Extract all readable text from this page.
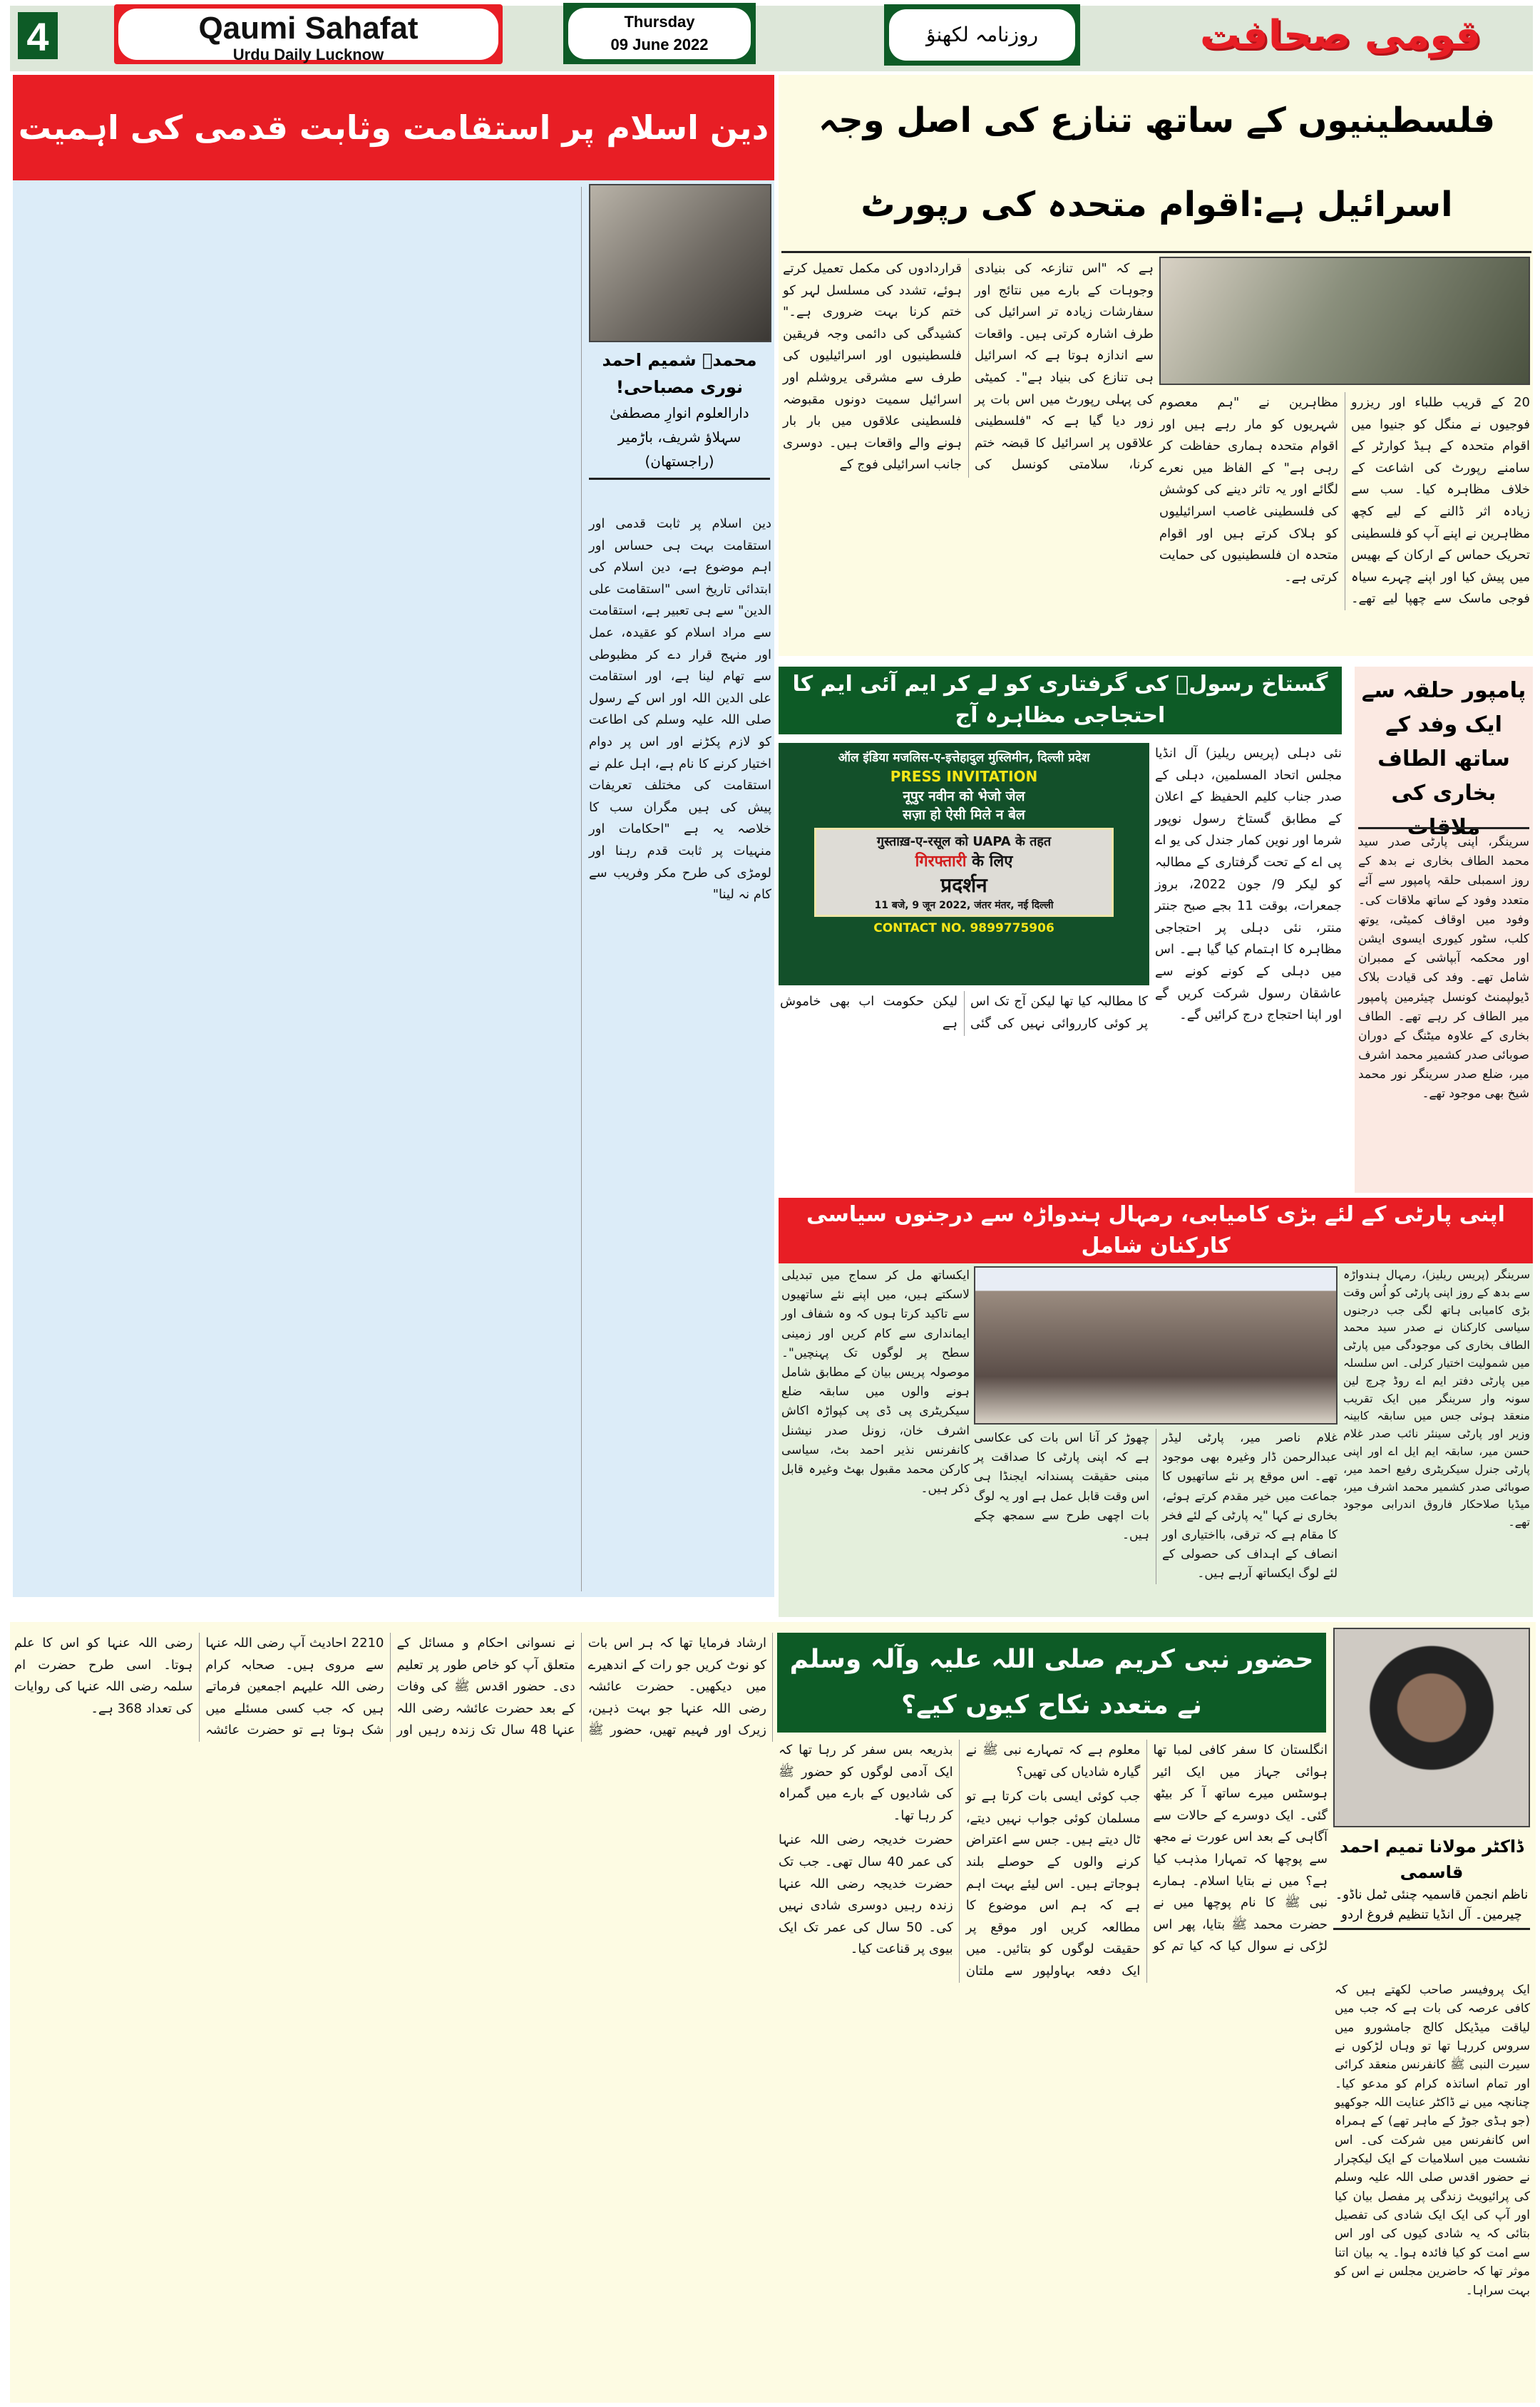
4	Qaumi Sahafat
Urdu Daily Lucknow
Thursday
09 June 2022	روزنامہ لکھنؤ	قومی صحافت
دین اسلام پر استقامت وثابت قدمی کی اہمیت
محمدؐ شمیم احمد نوری مصباحی!
دارالعلوم انوارِ مصطفیٰ
سہلاؤ شریف، باڑمیر (راجستھان)

دین اسلام پر ثابت قدمی اور استقامت بہت ہی حساس اور اہم موضوع ہے، دین اسلام کی ابتدائی تاریخ اسی "استقامت علی الدین" سے ہی تعبیر ہے، استقامت سے مراد اسلام کو عقیدہ، عمل اور منہج قرار دے کر مظبوطی سے تھام لینا ہے، اور استقامت علی الدین اللہ اور اس کے رسول صلی اللہ علیہ وسلم کی اطاعت کو لازم پکڑنے اور اس پر دوام اختیار کرنے کا نام ہے، اہل علم نے استقامت کی مختلف تعریفات پیش کی ہیں مگران سب کا خلاصہ یہ ہے "احکامات اور منہیات پر ثابت قدم رہنا اور لومڑی کی طرح مکر وفریب سے کام نہ لینا"

فلسطینیوں کے ساتھ تنازع کی اصل وجہ
اسرائیل ہے:اقوام متحدہ کی رپورٹ

ہے کہ "اس تنازعہ کی بنیادی وجوہات کے بارے میں نتائج اور سفارشات زیادہ تر اسرائیل کی طرف اشارہ کرتی ہیں۔ واقعات سے اندازہ ہوتا ہے کہ اسرائیل ہی تنازع کی بنیاد ہے"۔ کمیٹی کی پہلی رپورٹ میں اس بات پر زور دیا گیا ہے کہ "فلسطینی علاقوں پر اسرائیل کا قبضہ ختم کرنا، سلامتی کونسل کی قراردادوں کی مکمل تعمیل کرتے ہوئے، تشدد کی مسلسل لہر کو ختم کرنا بہت ضروری ہے۔" کشیدگی کی دائمی وجہ فریقین فلسطینیوں اور اسرائیلیوں کی طرف سے مشرقی یروشلم اور اسرائیل سمیت دونوں مقبوضہ فلسطینی علاقوں میں بار بار ہونے والے واقعات ہیں۔ دوسری جانب اسرائیلی فوج کے

20 کے قریب طلباء اور ریزرو فوجیوں نے منگل کو جنیوا میں اقوام متحدہ کے ہیڈ کوارٹر کے سامنے رپورٹ کی اشاعت کے خلاف مظاہرہ کیا۔ سب سے زیادہ اثر ڈالنے کے لیے کچھ مظاہرین نے اپنے آپ کو فلسطینی تحریک حماس کے ارکان کے بھیس میں پیش کیا اور اپنے چہرے سیاہ فوجی ماسک سے چھپا لیے تھے۔ مظاہرین نے "ہم معصوم شہریوں کو مار رہے ہیں اور اقوام متحدہ ہماری حفاظت کر رہی ہے" کے الفاظ میں نعرے لگائے اور یہ تاثر دینے کی کوشش کی فلسطینی غاصب اسرائیلیوں کو ہلاک کرتے ہیں اور اقوام متحدہ ان فلسطینیوں کی حمایت کرتی ہے۔

گستاخ رسولؐ کی گرفتاری کو لے کر ایم آئی ایم کا احتجاجی مظاہرہ آج
ऑल इंडिया मजलिस-ए-इत्तेहादुल मुस्लिमीन, दिल्ली प्रदेश
PRESS INVITATION
नूपुर नवीन को भेजो जेल
सज़ा हो ऐसी मिले न बेल
गुस्ताख़-ए-रसूल को UAPA के तहत
गिरफ्तारी के लिए
प्रदर्शन
11 बजे, 9 जून 2022, जंतर मंतर, नई दिल्ली
CONTACT NO. 9899775906

نئی دہلی (پریس ریلیز) آل انڈیا مجلس اتحاد المسلمین، دہلی کے صدر جناب کلیم الحفیظ کے اعلان کے مطابق گستاخ رسول نوپور شرما اور نوین کمار جندل کی یو اے پی اے کے تحت گرفتاری کے مطالبہ کو لیکر 9/ جون 2022، بروز جمعرات، بوقت 11 بجے صبح جنتر منتر، نئی دہلی پر احتجاجی مظاہرہ کا اہتمام کیا گیا ہے۔ اس میں دہلی کے کونے کونے سے عاشقان رسول شرکت کریں گے اور اپنا احتجاج درج کرائیں گے۔

کا مطالبہ کیا تھا لیکن آج تک اس پر کوئی کارروائی نہیں کی گئی لیکن حکومت اب بھی خاموش ہے

پامپور حلقہ سے ایک وفد کے ساتھ الطاف بخاری کی ملاقات

سرینگر، اپنی پارٹی صدر سید محمد الطاف بخاری نے بدھ کے روز اسمبلی حلقہ پامپور سے آئے متعدد وفود کے ساتھ ملاقات کی۔ وفود میں اوقاف کمیٹی، یوتھ کلب، سٹور کیوری ایسوی ایشن اور محکمہ آبپاشی کے ممبران شامل تھے۔ وفد کی قیادت بلاک ڈیولپمنٹ کونسل چیئرمین پامپور میر الطاف کر رہے تھے۔ الطاف بخاری کے علاوہ میٹنگ کے دوران صوبائی صدر کشمیر محمد اشرف میر، ضلع صدر سرینگر نور محمد شیخ بھی موجود تھے۔

اپنی پارٹی کے لئے بڑی کامیابی، رمہال ہندواڑہ سے درجنوں سیاسی کارکنان شامل

سرینگر (پریس ریلیز)، رمہال ہندواڑہ سے بدھ کے روز اپنی پارٹی کو اُس وقت بڑی کامیابی ہاتھ لگی جب درجنوں سیاسی کارکنان نے صدر سید محمد الطاف بخاری کی موجودگی میں پارٹی میں شمولیت اختیار کرلی۔ اس سلسلہ میں پارٹی دفتر ایم اے روڈ چرچ لین سونہ وار سرینگر میں ایک تقریب منعقد ہوئی جس میں سابقہ کابینہ وزیر اور پارٹی سینئر نائب صدر غلام حسن میر، سابقہ ایم ایل اے اور اپنی پارٹی جنرل سیکریٹری رفیع احمد میر، صوبائی صدر کشمیر محمد اشرف میر، میڈیا صلاحکار فاروق اندرابی موجود تھے۔

غلام ناصر میر، پارٹی لیڈر عبدالرحمن ڈار وغیرہ بھی موجود تھے۔ اس موقع پر نئے ساتھیوں کا جماعت میں خیر مقدم کرتے ہوئے، بخاری نے کہا "یہ پارٹی کے لئے فخر کا مقام ہے کہ ترقی، بااختیاری اور انصاف کے اہداف کی حصولی کے لئے لوگ ایکساتھ آرہے ہیں۔

چھوڑ کر آنا اس بات کی عکاسی ہے کہ اپنی پارٹی کا صداقت پر مبنی حقیقت پسندانہ ایجنڈا ہی اس وقت قابل عمل ہے اور یہ لوگ بات اچھی طرح سے سمجھ چکے ہیں۔

ایکساتھ مل کر سماج میں تبدیلی لاسکتے ہیں، میں اپنے نئے ساتھیوں سے تاکید کرتا ہوں کہ وہ شفاف اور ایمانداری سے کام کریں اور زمینی سطح پر لوگوں تک پہنچیں"۔ موصولہ پریس بیان کے مطابق شامل ہونے والوں میں سابقہ ضلع سیکریٹری پی ڈی پی کپواڑہ اکاش اشرف خان، زونل صدر نیشنل کانفرنس نذیر احمد بٹ، سیاسی کارکن محمد مقبول بھٹ وغیرہ قابل ذکر ہیں۔

حضور نبی کریم صلی اللہ علیہ وآلہ وسلم نے متعدد نکاح کیوں کیے؟
ڈاکٹر مولانا تمیم احمد قاسمی
ناظم انجمن قاسمیہ چنئی ٹمل ناڈو۔
چیرمین۔ آل انڈیا تنظیم فروغ اردو

ایک پروفیسر صاحب لکھتے ہیں کہ کافی عرصہ کی بات ہے کہ جب میں لیاقت میڈیکل کالج جامشورو میں سروس کررہا تھا تو وہاں لڑکوں نے سیرت النبی ﷺ کانفرنس منعقد کرائی اور تمام اساتذہ کرام کو مدعو کیا۔ چنانچہ میں نے ڈاکٹر عنایت اللہ جوکھیو (جو ہڈی جوڑ کے ماہر تھے) کے ہمراہ اس کانفرنس میں شرکت کی۔ اس نشست میں اسلامیات کے ایک لیکچرار نے حضور اقدس صلی اللہ علیہ وسلم کی پرائیویٹ زندگی پر مفصل بیان کیا اور آپ کی ایک ایک شادی کی تفصیل بتائی کہ یہ شادی کیوں کی اور اس سے امت کو کیا فائدہ ہوا۔ یہ بیان اتنا موثر تھا کہ حاضرین مجلس نے اس کو بہت سراہا۔

انگلستان کا سفر کافی لمبا تھا ہوائی جہاز میں ایک ائیر ہوسٹس میرے ساتھ آ کر بیٹھ گئی۔ ایک دوسرے کے حالات سے آگاہی کے بعد اس عورت نے مجھ سے پوچھا کہ تمہارا مذہب کیا ہے؟ میں نے بتایا اسلام۔ ہمارے نبی ﷺ کا نام پوچھا میں نے حضرت محمد ﷺ بتایا، پھر اس لڑکی نے سوال کیا کہ کیا تم کو معلوم ہے کہ تمہارے نبی ﷺ نے گیارہ شادیاں کی تھیں؟

جب کوئی ایسی بات کرتا ہے تو مسلمان کوئی جواب نہیں دیتے، ٹال دیتے ہیں۔ جس سے اعتراض کرنے والوں کے حوصلے بلند ہوجاتے ہیں۔ اس لیئے بہت اہم ہے کہ ہم اس موضوع کا مطالعہ کریں اور موقع پر حقیقت لوگوں کو بتائیں۔ میں ایک دفعہ بہاولپور سے ملتان بذریعہ بس سفر کر رہا تھا کہ ایک آدمی لوگوں کو حضور ﷺ کی شادیوں کے بارے میں گمراہ کر رہا تھا۔

حضرت خدیجہ رضی اللہ عنہا کی عمر 40 سال تھی۔ جب تک حضرت خدیجہ رضی اللہ عنہا زندہ رہیں دوسری شادی نہیں کی۔ 50 سال کی عمر تک ایک بیوی پر قناعت کیا۔

ارشاد فرمایا تھا کہ ہر اس بات کو نوٹ کریں جو رات کے اندھیرے میں دیکھیں۔ حضرت عائشہ رضی اللہ عنہا جو بہت ذہین، زیرک اور فہیم تھیں، حضور ﷺ نے نسوانی احکام و مسائل کے متعلق آپ کو خاص طور پر تعلیم دی۔ حضور اقدس ﷺ کی وفات کے بعد حضرت عائشہ رضی اللہ عنہا 48 سال تک زندہ رہیں اور 2210 احادیث آپ رضی اللہ عنہا سے مروی ہیں۔ صحابہ کرام رضی اللہ علیہم اجمعین فرماتے ہیں کہ جب کسی مسئلے میں شک ہوتا ہے تو حضرت عائشہ رضی اللہ عنہا کو اس کا علم ہوتا۔ اسی طرح حضرت ام سلمہ رضی اللہ عنہا کی روایات کی تعداد 368 ہے۔
